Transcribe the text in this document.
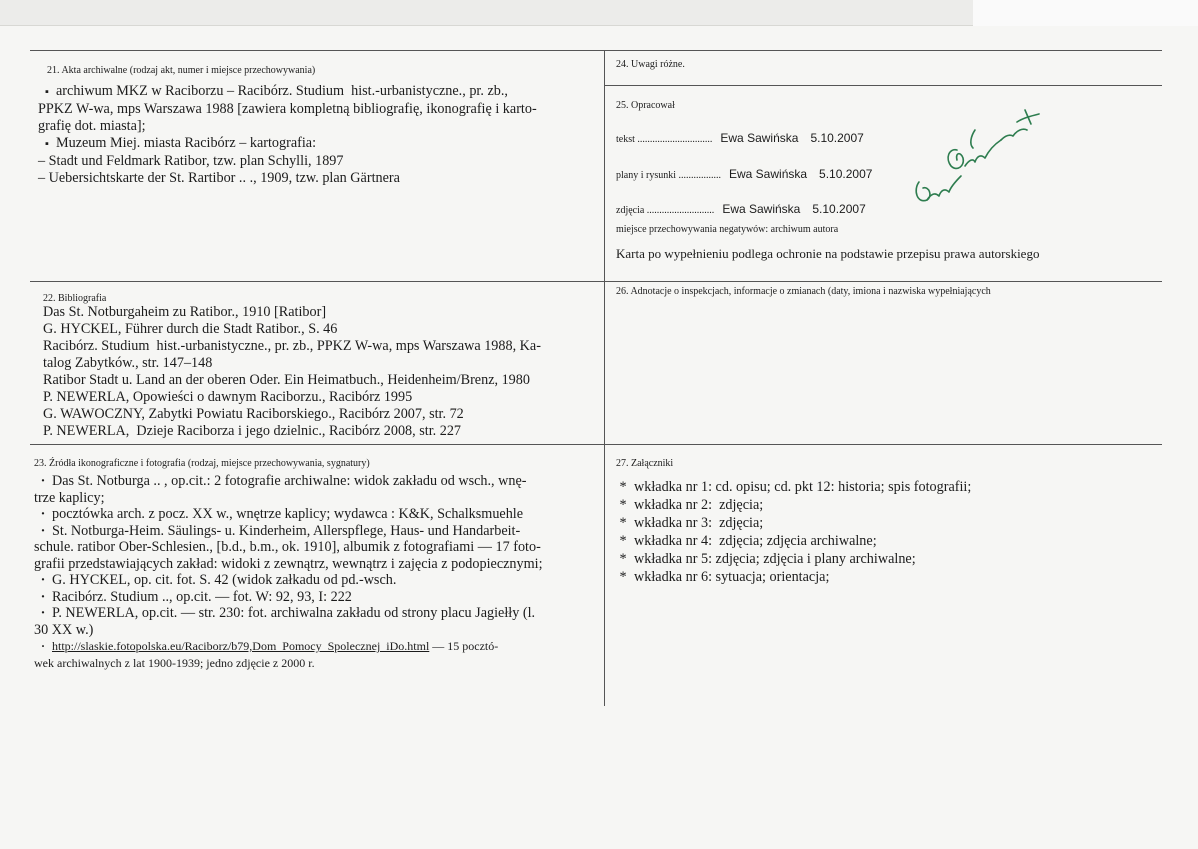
21. Akta archiwalne (rodzaj akt, numer i miejsce przechowywania)
▪ archiwum MKZ w Raciborzu – Racibórz. Studium  hist.-urbanistyczne., pr. zb.,
PPKZ W-wa, mps Warszawa 1988 [zawiera kompletną bibliografię, ikonografię i karto-
grafię dot. miasta];
▪ Muzeum Miej. miasta Racibórz – kartografia:
– Stadt und Feldmark Ratibor, tzw. plan Schylli, 1897
– Uebersichtskarte der St. Rartibor .. ., 1909, tzw. plan Gärtnera
24. Uwagi różne.
25. Opracował
tekst .............................. Ewa Sawińska 5.10.2007
plany i rysunki ................. Ewa Sawińska 5.10.2007
zdjęcia ........................... Ewa Sawińska 5.10.2007
miejsce przechowywania negatywów: archiwum autora
Karta po wypełnieniu podlega ochronie na podstawie przepisu prawa autorskiego
22. Bibliografia
Das St. Notburgaheim zu Ratibor., 1910 [Ratibor]
G. HYCKEL, Führer durch die Stadt Ratibor., S. 46
Racibórz. Studium  hist.-urbanistyczne., pr. zb., PPKZ W-wa, mps Warszawa 1988, Ka-
talog Zabytków., str. 147–148
Ratibor Stadt u. Land an der oberen Oder. Ein Heimatbuch., Heidenheim/Brenz, 1980
P. NEWERLA, Opowieści o dawnym Raciborzu., Racibórz 1995
G. WAWOCZNY, Zabytki Powiatu Raciborskiego., Racibórz 2007, str. 72
P. NEWERLA,  Dzieje Raciborza i jego dzielnic., Racibórz 2008, str. 227
26. Adnotacje o inspekcjach, informacje o zmianach (daty, imiona i nazwiska wypełniających
23. Źródła ikonograficzne i fotografia (rodzaj, miejsce przechowywania, sygnatury)
· Das St. Notburga .. , op.cit.: 2 fotografie archiwalne: widok zakładu od wsch., wnę-
trze kaplicy;
· pocztówka arch. z pocz. XX w., wnętrze kaplicy; wydawca : K&K, Schalksmuehle
· St. Notburga-Heim. Säulings- u. Kinderheim, Allerspflege, Haus- und Handarbeit-
schule. ratibor Ober-Schlesien., [b.d., b.m., ok. 1910], albumik z fotografiami — 17 foto-
grafii przedstawiających zakład: widoki z zewnątrz, wewnątrz i zajęcia z podopiecznymi;
· G. HYCKEL, op. cit. fot. S. 42 (widok załkadu od pd.-wsch.
· Racibórz. Studium .., op.cit. — fot. W: 92, 93, I: 222
· P. NEWERLA, op.cit. — str. 230: fot. archiwalna zakładu od strony placu Jagiełły (l.
30 XX w.)
· http://slaskie.fotopolska.eu/Raciborz/b79,Dom_Pomocy_Spolecznej_iDo.html — 15 pocztó-
wek archiwalnych z lat 1900-1939; jedno zdjęcie z 2000 r.
27. Załączniki
* wkładka nr 1: cd. opisu; cd. pkt 12: historia; spis fotografii;
* wkładka nr 2:  zdjęcia;
* wkładka nr 3:  zdjęcia;
* wkładka nr 4:  zdjęcia; zdjęcia archiwalne;
* wkładka nr 5: zdjęcia; zdjęcia i plany archiwalne;
* wkładka nr 6: sytuacja; orientacja;
